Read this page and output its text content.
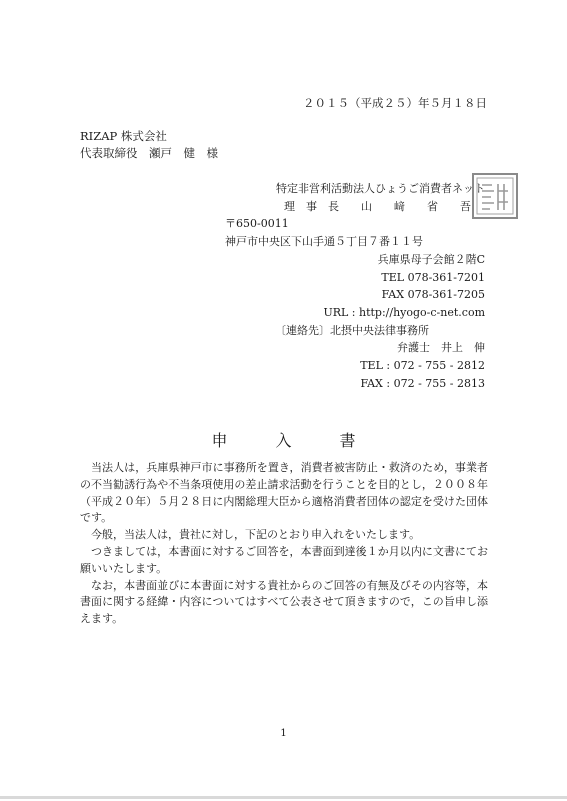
２０１５（平成２５）年５月１８日
RIZAP 株式会社
代表取締役　瀬戸　健　様
特定非営利活動法人ひょうご消費者ネット
理　事　長　　山　　﨑　　省　　吾
〒650-0011
神戸市中央区下山手通５丁目７番１１号
兵庫県母子会館２階C
TEL 078-361-7201
FAX 078-361-7205
URL : http://hyogo-c-net.com
〔連絡先〕北摂中央法律事務所
弁護士　井上　伸
TEL : 072 - 755 - 2812
FAX : 072 - 755 - 2813
申	入	書

当法人は，兵庫県神戸市に事務所を置き，消費者被害防止・救済のため，事業者の不当勧誘行為や不当条項使用の差止請求活動を行うことを目的とし，２００８年（平成２０年）５月２８日に内閣総理大臣から適格消費者団体の認定を受けた団体です。

今般，当法人は，貴社に対し，下記のとおり申入れをいたします。

つきましては，本書面に対するご回答を，本書面到達後１か月以内に文書にてお願いいたします。

なお，本書面並びに本書面に対する貴社からのご回答の有無及びその内容等，本書面に関する経緯・内容についてはすべて公表させて頂きますので，この旨申し添えます。

1
